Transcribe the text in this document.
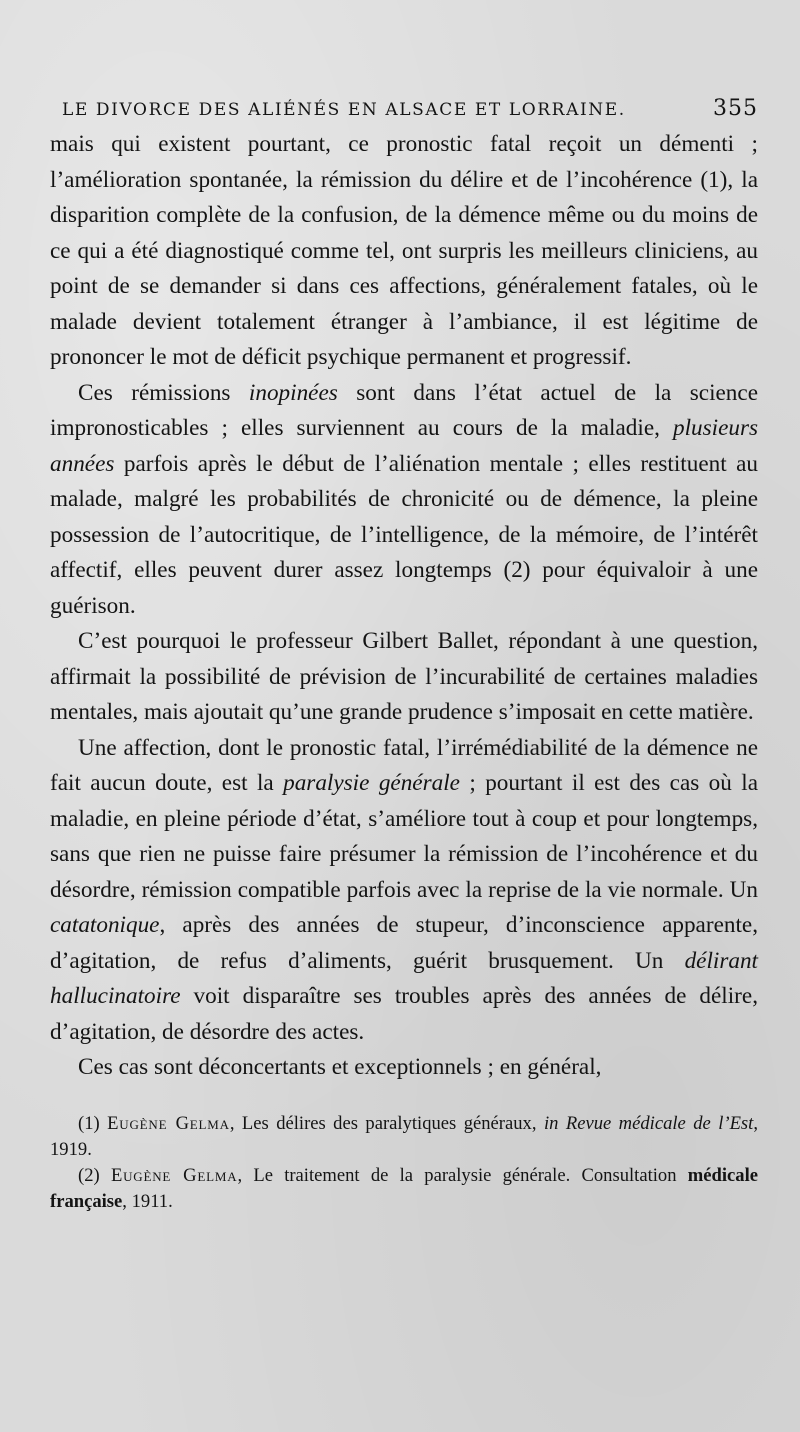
LE DIVORCE DES ALIÉNÉS EN ALSACE ET LORRAINE.	355

mais qui existent pourtant, ce pronostic fatal reçoit un démenti ; l’amélioration spontanée, la rémission du délire et de l’incohérence (1), la disparition complète de la confusion, de la démence même ou du moins de ce qui a été diagnostiqué comme tel, ont surpris les meilleurs cliniciens, au point de se demander si dans ces affections, généralement fatales, où le malade devient totalement étranger à l’ambiance, il est légitime de prononcer le mot de déficit psychique permanent et progressif.

Ces rémissions inopinées sont dans l’état actuel de la science impronosticables ; elles surviennent au cours de la maladie, plusieurs années parfois après le début de l’aliénation mentale ; elles restituent au malade, malgré les probabilités de chronicité ou de démence, la pleine possession de l’autocritique, de l’intelligence, de la mémoire, de l’intérêt affectif, elles peuvent durer assez longtemps (2) pour équivaloir à une guérison.

C’est pourquoi le professeur Gilbert Ballet, répondant à une question, affirmait la possibilité de prévision de l’incurabilité de certaines maladies mentales, mais ajoutait qu’une grande prudence s’imposait en cette matière.

Une affection, dont le pronostic fatal, l’irrémédiabilité de la démence ne fait aucun doute, est la paralysie générale ; pourtant il est des cas où la maladie, en pleine période d’état, s’améliore tout à coup et pour longtemps, sans que rien ne puisse faire présumer la rémission de l’incohérence et du désordre, rémission compatible parfois avec la reprise de la vie normale. Un catatonique, après des années de stupeur, d’inconscience apparente, d’agitation, de refus d’aliments, guérit brusquement. Un délirant hallucinatoire voit disparaître ses troubles après des années de délire, d’agitation, de désordre des actes.

Ces cas sont déconcertants et exceptionnels ; en général,

(1) Eugène Gelma, Les délires des paralytiques généraux, in Revue médicale de l’Est, 1919.

(2) Eugène Gelma, Le traitement de la paralysie générale. Consultation médicale française, 1911.
